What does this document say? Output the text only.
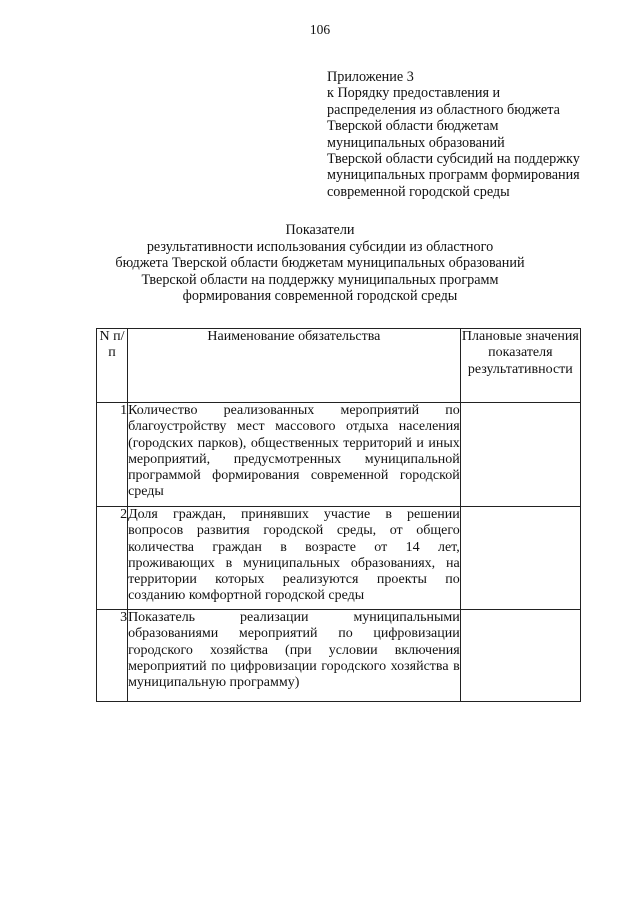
106
Приложение 3
к Порядку предоставления и
распределения из областного бюджета
Тверской области бюджетам
муниципальных образований
Тверской области субсидий на поддержку
муниципальных программ формирования
современной городской среды
Показатели
результативности использования субсидии из областного
бюджета Тверской области бюджетам муниципальных образований
Тверской области на поддержку муниципальных программ
формирования современной городской среды
N п/п	Наименование обязательства	Плановые значения показателя результативности
1	Количество реализованных мероприятий по благоустройству мест массового отдыха населения (городских парков), общественных территорий и иных мероприятий, предусмотренных муниципальной программой формирования современной городской среды	
2	Доля граждан, принявших участие в решении вопросов развития городской среды, от общего количества граждан в возрасте от 14 лет, проживающих в муниципальных образованиях, на территории которых реализуются проекты по созданию комфортной городской среды	
3	Показатель реализации муниципальными образованиями мероприятий по цифровизации городского хозяйства (при условии включения мероприятий по цифровизации городского хозяйства в муниципальную программу)	
